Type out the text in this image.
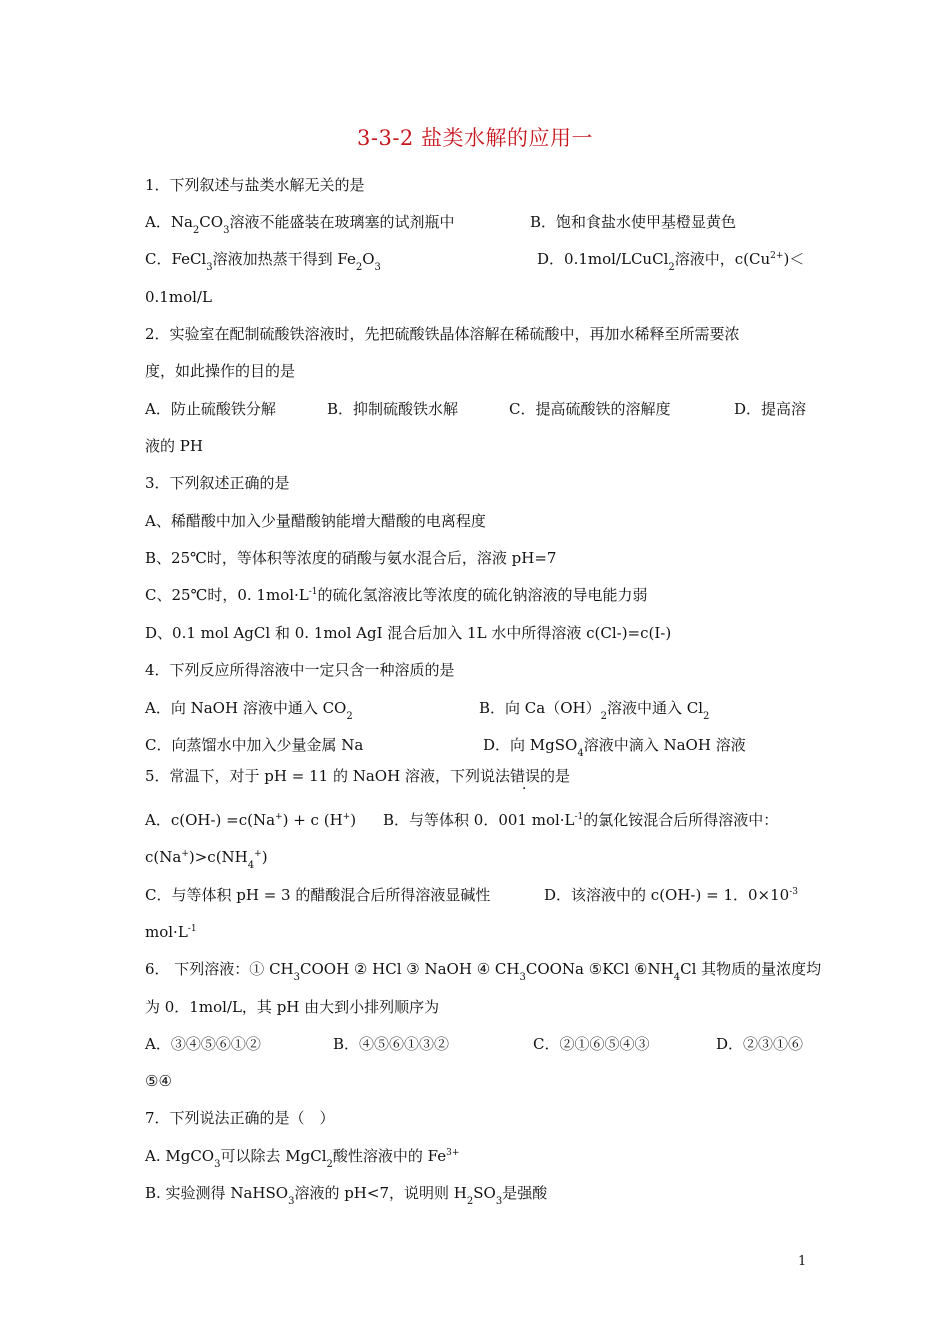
3-3-2 盐类水解的应用一
1．下列叙述与盐类水解无关的是
A．$Na_2CO_3$溶液不能盛装在玻璃塞的试剂瓶中	B．饱和食盐水使甲基橙显黄色
C．FeCl$_3$溶液加热蒸干得到 $Fe_2O_3$	D．0.1mol/LCuCl$_2$溶液中，$c(Cu^{2+})<$
0.1mol/L
2．实验室在配制硫酸铁溶液时，先把硫酸铁晶体溶解在稀硫酸中，再加水稀释至所需要浓
度，如此操作的目的是
A．防止硫酸铁分解	B．抑制硫酸铁水解	C．提高硫酸铁的溶解度	D．提高溶
液的 PH
3．下列叙述正确的是
A、稀醋酸中加入少量醋酸钠能增大醋酸的电离程度
B、25℃时，等体积等浓度的硝酸与氨水混合后，溶液 pH=7
C、25℃时，0. $1mol\cdot L^{-1}$的硫化氢溶液比等浓度的硫化钠溶液的导电能力弱
D、0.1 mol AgCl 和 0. 1mol AgI 混合后加入 1L 水中所得溶液 c(Cl-)=c(I-)
4．下列反应所得溶液中一定只含一种溶质的是
A．向 NaOH 溶液中通入 $CO_2$	B．向 $Ca(OH)_2$溶液中通入 $Cl_2$
C．向蒸馏水中加入少量金属 Na	D．向 MgSO$_4$溶液中滴入 NaOH 溶液
5．常温下，对于 pH = 11 的 NaOH 溶液，下列说法错误的是
A．c(OH-) =c(Na+) + c (H+) B．与等体积 0．001 $mol\cdot L^{-1}$的氯化铵混合后所得溶液中：
$c(Na^+)>c(NH_4^+)$
C．与等体积 pH = 3 的醋酸混合后所得溶液显碱性	D．该溶液中的 c(OH-) = 1．$0\times 10^{-3}$
$mol\cdot L^{-1}$
6． 下列溶液：① $CH_3COOH$ ② HCl ③ NaOH ④ $CH_3COONa$ ⑤KCl $⑥NH_4Cl$ 其物质的量浓度均
为 0．1mol/L，其 pH 由大到小排列顺序为
A．③④⑤⑥①②	B．④⑤⑥①③②	C．②①⑥⑤④③	D．②③①⑥
⑤④
7．下列说法正确的是（　）
A. MgCO$_3$可以除去 MgCl$_2$酸性溶液中的 $Fe^{3+}$
B. 实验测得 NaHSO$_3$溶液的 pH<7，说明则 $H_2SO_3$是强酸
1
